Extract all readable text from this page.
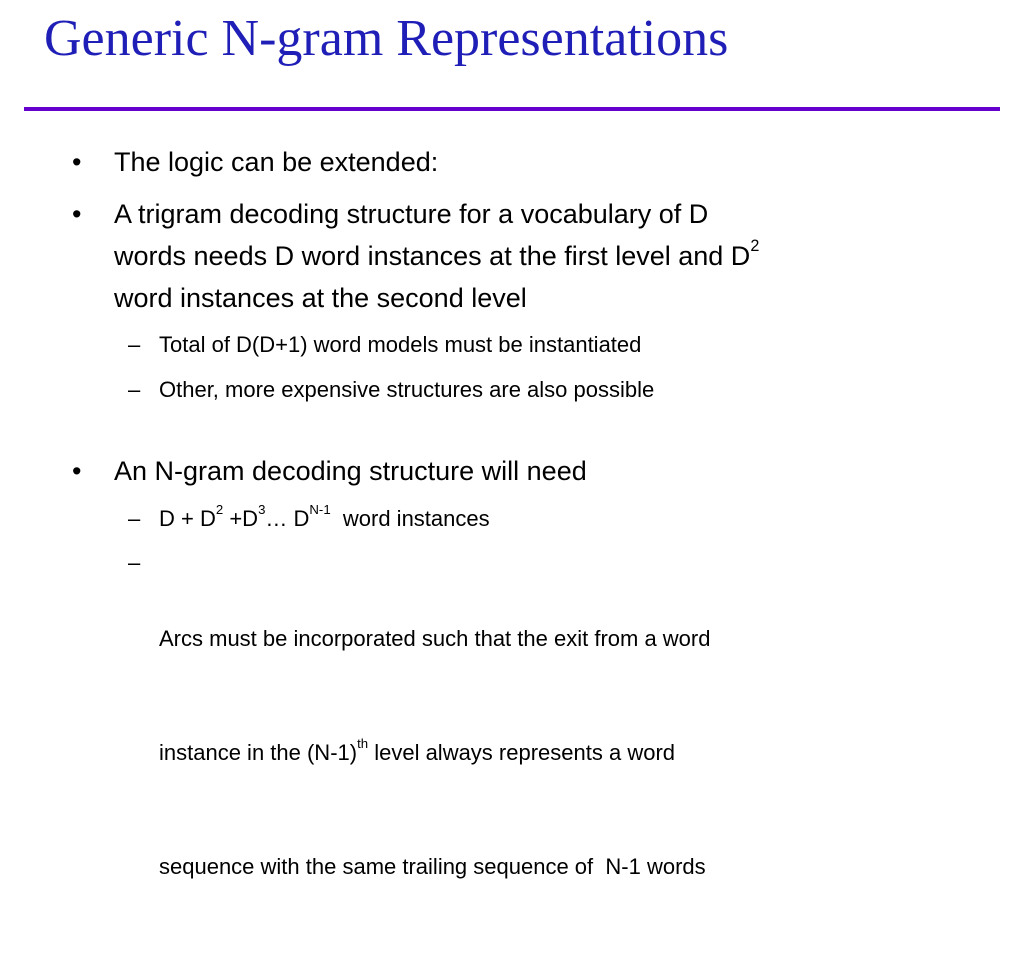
Generic N-gram Representations
•	The logic can be extended:
•	A trigram decoding structure for a vocabulary of D
words needs D word instances at the first level and $D^2$
word instances at the second level
– Total of D(D+1) word models must be instantiated
– Other, more expensive structures are also possible
•	An N-gram decoding structure will need
– $D + D^2$ $+D^3\dots$ $D^{N-1}$  word instances
–

Arcs must be incorporated such that the exit from a word

instance in the $(N-1)^{th}$ level always represents a word

sequence with the same trailing sequence of  N-1 words
